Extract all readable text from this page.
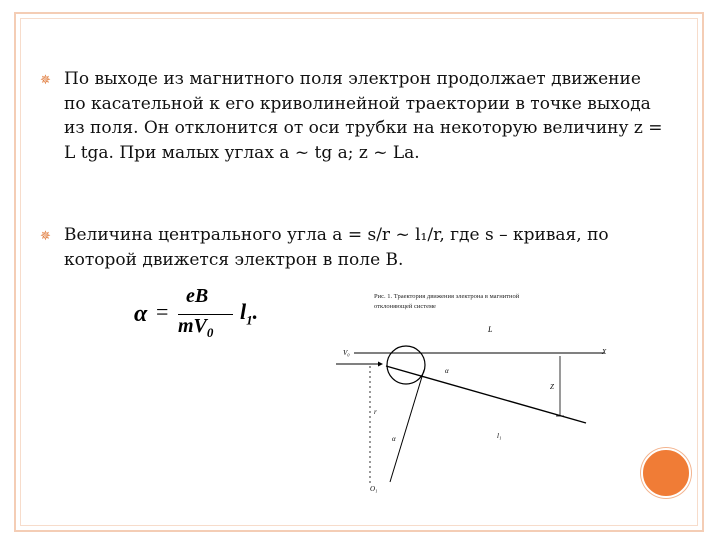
✵ По выходе из магнитного поля электрон продолжает движение по касательной к его криволинейной траектории в точке выхода из поля. Он отклонится от оси трубки на некоторую величину z = L tgа. При малых углах а ~ tg а; z ~ Lа.
✵ Величина центрального угла а = s/r ~ l₁/r, где s – кривая, по которой движется электрон в поле B.
α =
eB
$mV_0$
$l_1$.
Рис. 1. Траектория движения электрона в магнитной
отклоняющей системе
L
V₀	X
α
Z
r
l₁
α
O₁
